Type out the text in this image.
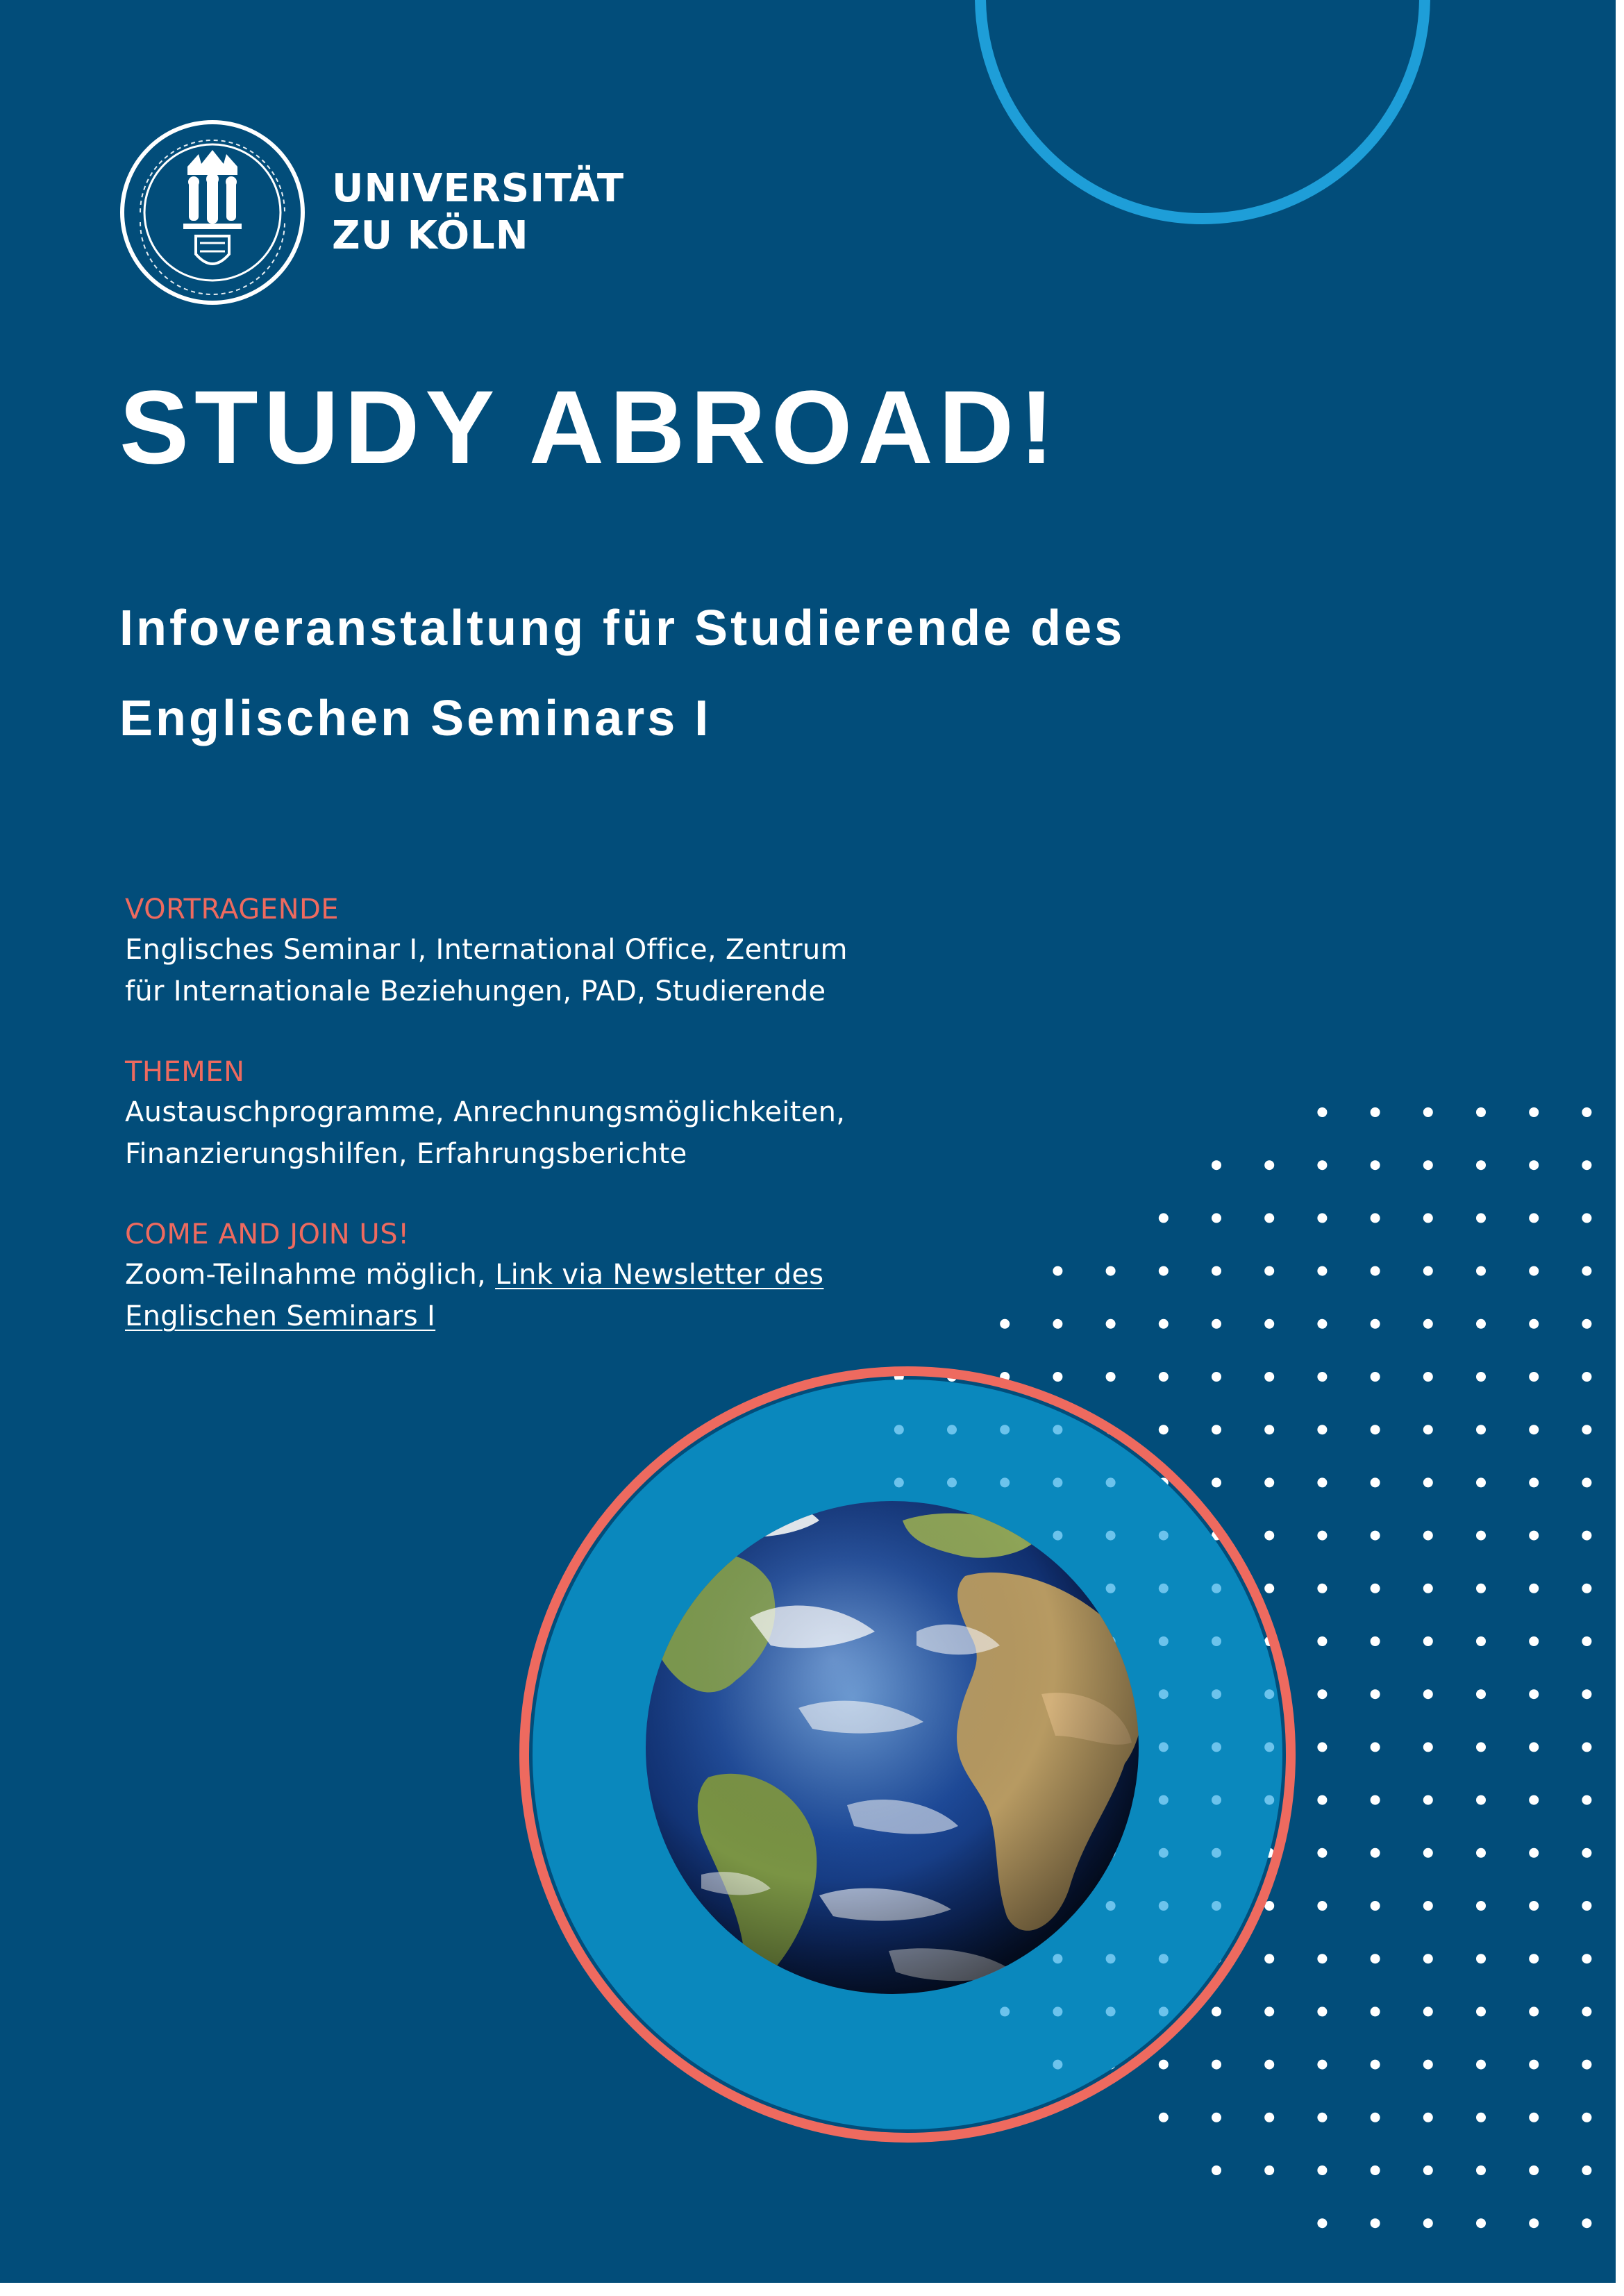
UNIVERSITÄT
ZU KÖLN
STUDY ABROAD!
Infoveranstaltung für Studierende des
Englischen Seminars I
VORTRAGENDE
Englisches Seminar I, International Office, Zentrum
für Internationale Beziehungen, PAD, Studierende
THEMEN
Austauschprogramme, Anrechnungsmöglichkeiten,
Finanzierungshilfen, Erfahrungsberichte
COME AND JOIN US!
Zoom-Teilnahme möglich, Link via Newsletter des
Englischen Seminars I
